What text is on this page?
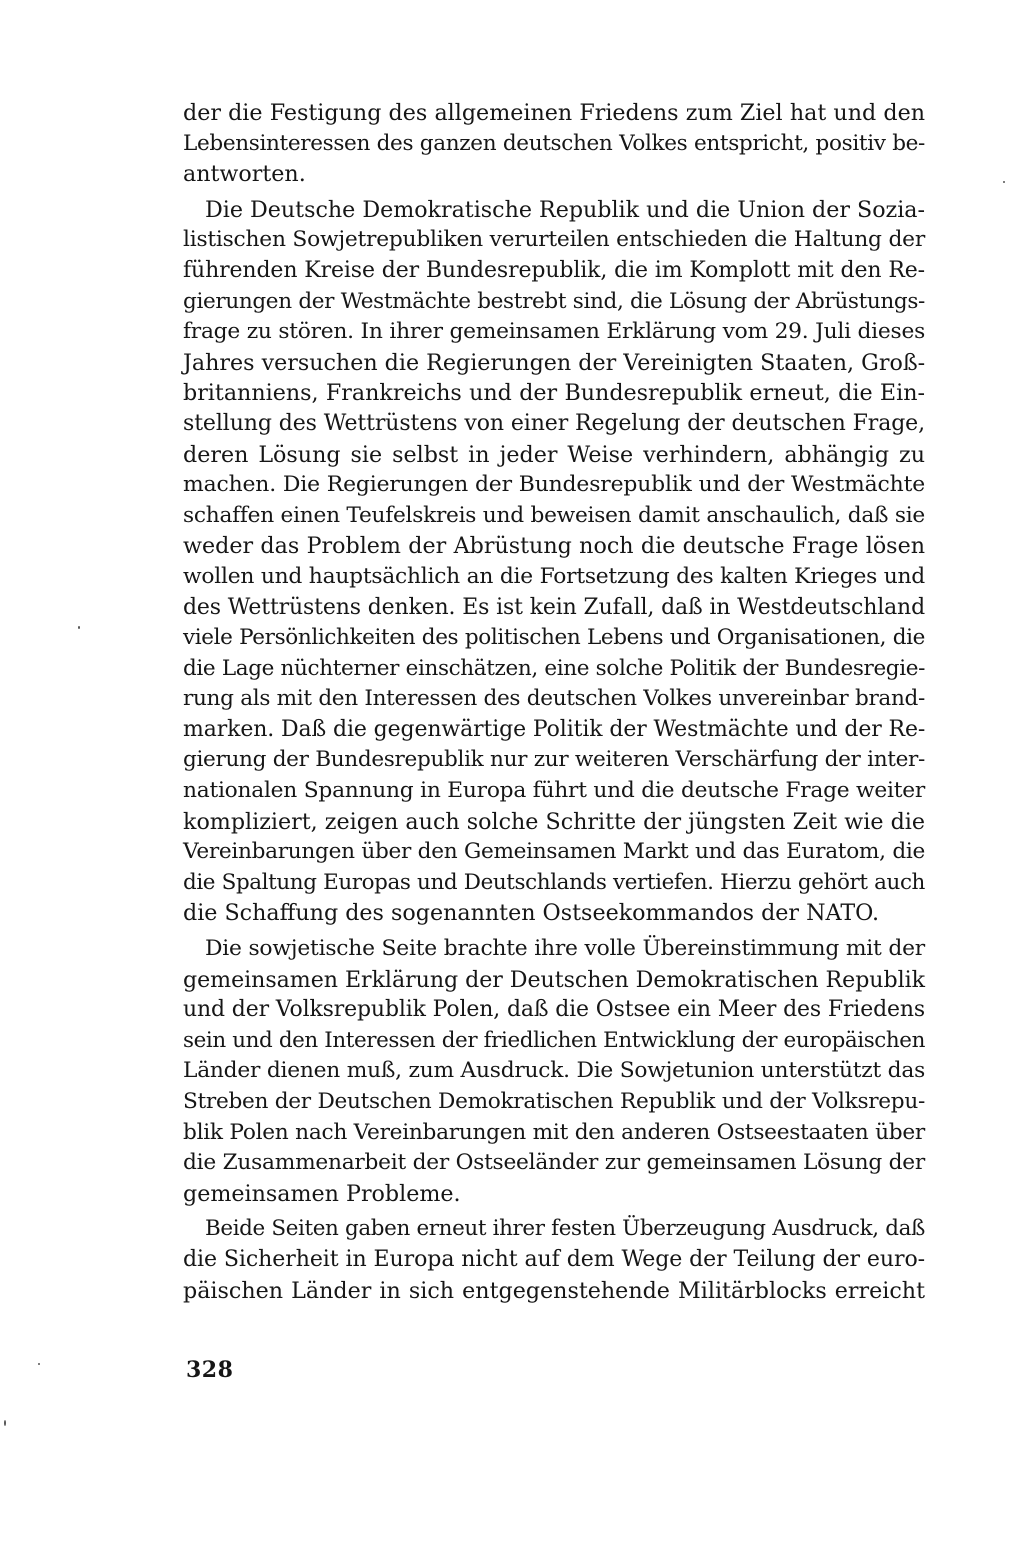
der die Festigung des allgemeinen Friedens zum Ziel hat und den
Lebensinteressen des ganzen deutschen Volkes entspricht, positiv be-
antworten.
Die Deutsche Demokratische Republik und die Union der Sozia-
listischen Sowjetrepubliken verurteilen entschieden die Haltung der
führenden Kreise der Bundesrepublik, die im Komplott mit den Re-
gierungen der Westmächte bestrebt sind, die Lösung der Abrüstungs-
frage zu stören. In ihrer gemeinsamen Erklärung vom 29. Juli dieses
Jahres versuchen die Regierungen der Vereinigten Staaten, Groß-
britanniens, Frankreichs und der Bundesrepublik erneut, die Ein-
stellung des Wettrüstens von einer Regelung der deutschen Frage,
deren Lösung sie selbst in jeder Weise verhindern, abhängig zu
machen. Die Regierungen der Bundesrepublik und der Westmächte
schaffen einen Teufelskreis und beweisen damit anschaulich, daß sie
weder das Problem der Abrüstung noch die deutsche Frage lösen
wollen und hauptsächlich an die Fortsetzung des kalten Krieges und
des Wettrüstens denken. Es ist kein Zufall, daß in Westdeutschland
viele Persönlichkeiten des politischen Lebens und Organisationen, die
die Lage nüchterner einschätzen, eine solche Politik der Bundesregie-
rung als mit den Interessen des deutschen Volkes unvereinbar brand-
marken. Daß die gegenwärtige Politik der Westmächte und der Re-
gierung der Bundesrepublik nur zur weiteren Verschärfung der inter-
nationalen Spannung in Europa führt und die deutsche Frage weiter
kompliziert, zeigen auch solche Schritte der jüngsten Zeit wie die
Vereinbarungen über den Gemeinsamen Markt und das Euratom, die
die Spaltung Europas und Deutschlands vertiefen. Hierzu gehört auch
die Schaffung des sogenannten Ostseekommandos der NATO.
Die sowjetische Seite brachte ihre volle Übereinstimmung mit der
gemeinsamen Erklärung der Deutschen Demokratischen Republik
und der Volksrepublik Polen, daß die Ostsee ein Meer des Friedens
sein und den Interessen der friedlichen Entwicklung der europäischen
Länder dienen muß, zum Ausdruck. Die Sowjetunion unterstützt das
Streben der Deutschen Demokratischen Republik und der Volksrepu-
blik Polen nach Vereinbarungen mit den anderen Ostseestaaten über
die Zusammenarbeit der Ostseeländer zur gemeinsamen Lösung der
gemeinsamen Probleme.
Beide Seiten gaben erneut ihrer festen Überzeugung Ausdruck, daß
die Sicherheit in Europa nicht auf dem Wege der Teilung der euro-
päischen Länder in sich entgegenstehende Militärblocks erreicht
328
